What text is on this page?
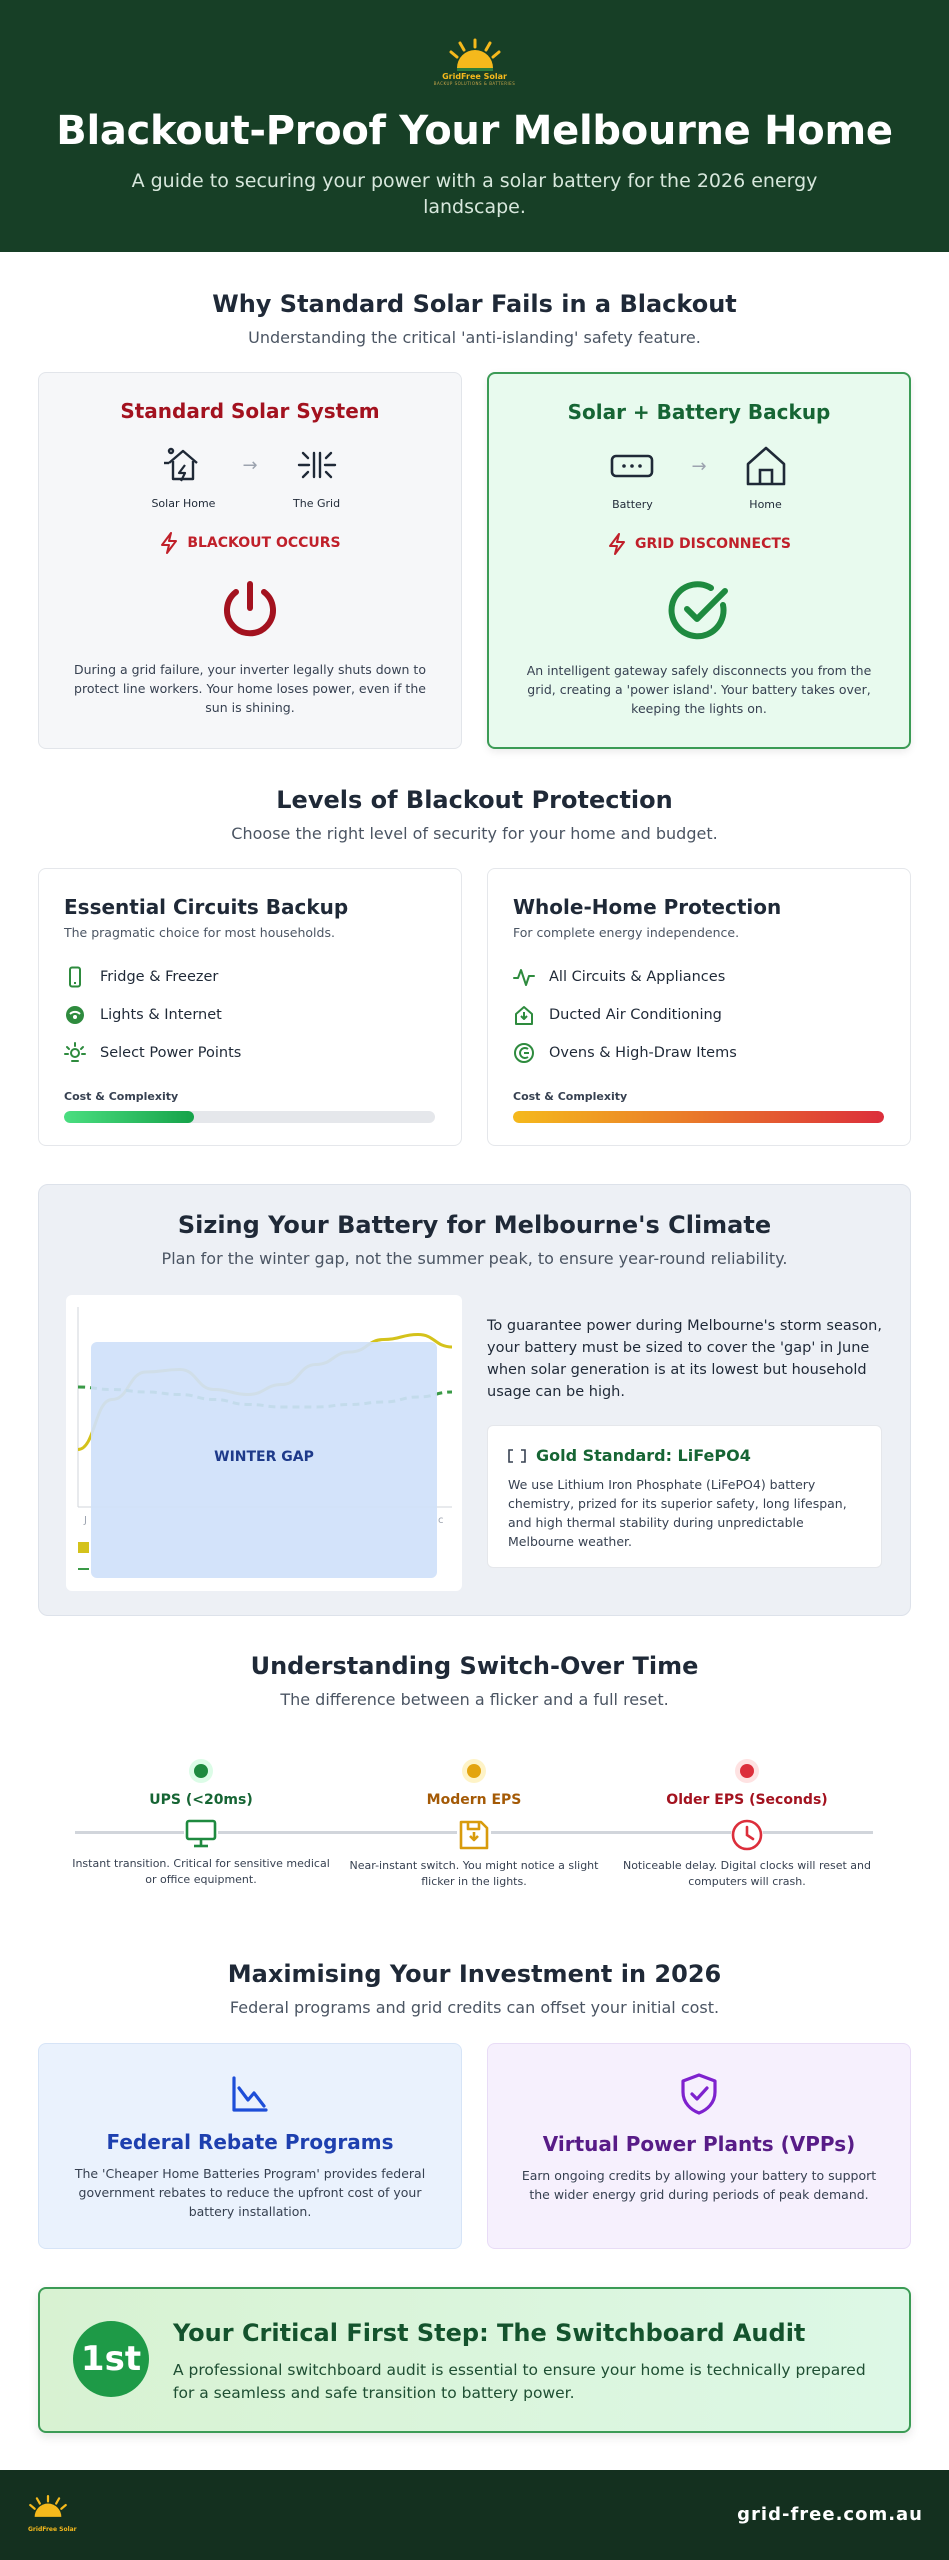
GridFree Solar
BACKUP SOLUTIONS & BATTERIES
Blackout-Proof Your Melbourne Home

A guide to securing your power with a solar battery for the 2026 energy landscape.

Why Standard Solar Fails in a Blackout
Understanding the critical 'anti-islanding' safety feature.
Standard Solar System
Solar Home
→
The Grid
BLACKOUT OCCURS
During a grid failure, your inverter legally shuts down to protect line workers. Your home loses power, even if the sun is shining.
Solar + Battery Backup
Battery
→
Home
GRID DISCONNECTS
An intelligent gateway safely disconnects you from the grid, creating a 'power island'. Your battery takes over, keeping the lights on.
Levels of Blackout Protection
Choose the right level of security for your home and budget.
Essential Circuits Backup
The pragmatic choice for most households.
Fridge & Freezer
Lights & Internet
Select Power Points
Cost & Complexity
Whole-Home Protection
For complete energy independence.
All Circuits & Appliances
Ducted Air Conditioning
Ovens & High-Draw Items
Cost & Complexity
Sizing Your Battery for Melbourne's Climate
Plan for the winter gap, not the summer peak, to ensure year-round reliability.
J	c
WINTER GAP
To guarantee power during Melbourne's storm season, your battery must be sized to cover the 'gap' in June when solar generation is at its lowest but household usage can be high.
Gold Standard: LiFePO4

We use Lithium Iron Phosphate (LiFePO4) battery chemistry, prized for its superior safety, long lifespan, and high thermal stability during unpredictable Melbourne weather.

Understanding Switch-Over Time
The difference between a flicker and a full reset.
UPS (<20ms)
Instant transition. Critical for sensitive medical or office equipment.
Modern EPS
Near-instant switch. You might notice a slight flicker in the lights.
Older EPS (Seconds)
Noticeable delay. Digital clocks will reset and computers will crash.
Maximising Your Investment in 2026
Federal programs and grid credits can offset your initial cost.
Federal Rebate Programs

The 'Cheaper Home Batteries Program' provides federal government rebates to reduce the upfront cost of your battery installation.

Virtual Power Plants (VPPs)

Earn ongoing credits by allowing your battery to support the wider energy grid during periods of peak demand.

1st
Your Critical First Step: The Switchboard Audit

A professional switchboard audit is essential to ensure your home is technically prepared for a seamless and safe transition to battery power.

GridFree Solar
grid-free.com.au
